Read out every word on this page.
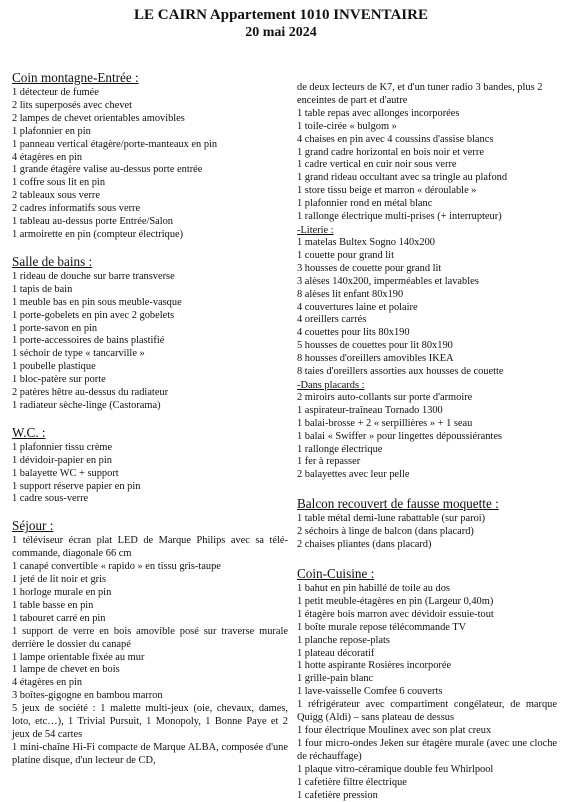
LE CAIRN Appartement 1010 INVENTAIRE
20 mai 2024
Coin montagne-Entrée :
1 détecteur de fumée
2 lits superposés avec chevet
2 lampes de chevet orientables amovibles
1 plafonnier en pin
1 panneau vertical étagère/porte-manteaux en pin
4 étagères en pin
1 grande étagère valise au-dessus porte entrée
1 coffre sous lit en pin
2 tableaux sous verre
2 cadres informatifs sous verre
1 tableau au-dessus porte Entrée/Salon
1 armoirette en pin (compteur électrique)
Salle de bains :
1 rideau de douche sur barre transverse
1 tapis de bain
1 meuble bas en pin sous meuble-vasque
1 porte-gobelets en pin avec 2 gobelets
1 porte-savon en pin
1 porte-accessoires de bains plastifié
1 séchoir de type « tancarville »
1 poubelle plastique
1 bloc-patère sur porte
2 patères hêtre au-dessus du radiateur
1 radiateur sèche-linge (Castorama)
W.C. :
1 plafonnier tissu crème
1 dévidoir-papier en pin
1 balayette WC + support
1 support réserve papier en pin
1 cadre sous-verre
Séjour :
1 téléviseur écran plat LED de Marque Philips avec sa télé-commande, diagonale 66 cm
1 canapé convertible « rapido » en tissu gris-taupe
1 jeté de lit noir et gris
1 horloge murale en pin
1 table basse en pin
1 tabouret carré en pin
1 support de verre en bois amovible posé sur traverse murale derrière le dossier du canapé
1 lampe orientable fixée au mur
1 lampe de chevet en bois
4 étagères en pin
3 boîtes-gigogne en bambou marron
5 jeux de société : 1 malette multi-jeux (oie, chevaux, dames, loto, etc…), 1 Trivial Pursuit, 1 Monopoly, 1 Bonne Paye et 2 jeux de 54 cartes
1 mini-chaîne Hi-Fi compacte de Marque ALBA, composée d'une platine disque, d'un lecteur de CD,
de deux lecteurs de K7, et d'un tuner radio 3 bandes, plus 2 enceintes de part et d'autre
1 table repas avec allonges incorporées
1 toile-cirée « bulgom »
4 chaises en pin avec 4 coussins d'assise blancs
1 grand cadre horizontal en bois noir et verre
1 cadre vertical en cuir noir sous verre
1 grand rideau occultant avec sa tringle au plafond
1 store tissu beige et marron « déroulable »
1 plafonnier rond en métal blanc
1 rallonge électrique multi-prises (+ interrupteur)
-Literie :
1 matelas Bultex Sogno 140x200
1 couette pour grand lit
3 housses de couette pour grand lit
3 alèses 140x200, imperméables et lavables
8 alèses lit enfant 80x190
4 couvertures laine et polaire
4 oreillers carrés
4 couettes pour lits 80x190
5 housses de couettes pour lit 80x190
8 housses d'oreillers amovibles IKEA
8 taies d'oreillers assorties aux housses de couette
-Dans placards :
2 miroirs auto-collants sur porte d'armoire
1 aspirateur-traîneau Tornado 1300
1 balai-brosse + 2 « serpillières » + 1 seau
1 balai « Swiffer » pour lingettes dépoussiérantes
1 rallonge électrique
1 fer à repasser
2 balayettes avec leur pelle
Balcon recouvert de fausse moquette :
1 table métal demi-lune rabattable (sur paroi)
2 séchoirs à linge de balcon (dans placard)
2 chaises pliantes (dans placard)
Coin-Cuisine :
1 bahut en pin habillé de toile au dos
1 petit meuble-étagères en pin (Largeur 0,40m)
1 étagère bois marron avec dévidoir essuie-tout
1 boîte murale repose télécommande TV
1 planche repose-plats
1 plateau décoratif
1 hotte aspirante Rosières incorporée
1 grille-pain blanc
1 lave-vaisselle Comfee 6 couverts
1 réfrigérateur avec compartiment congélateur, de marque Quigg (Aldi) – sans plateau de dessus
1 four électrique Moulinex avec son plat creux
1 four micro-ondes Jeken sur étagère murale (avec une cloche de réchauffage)
1 plaque vitro-céramique double feu Whirlpool
1 cafetière filtre électrique
1 cafetière pression
